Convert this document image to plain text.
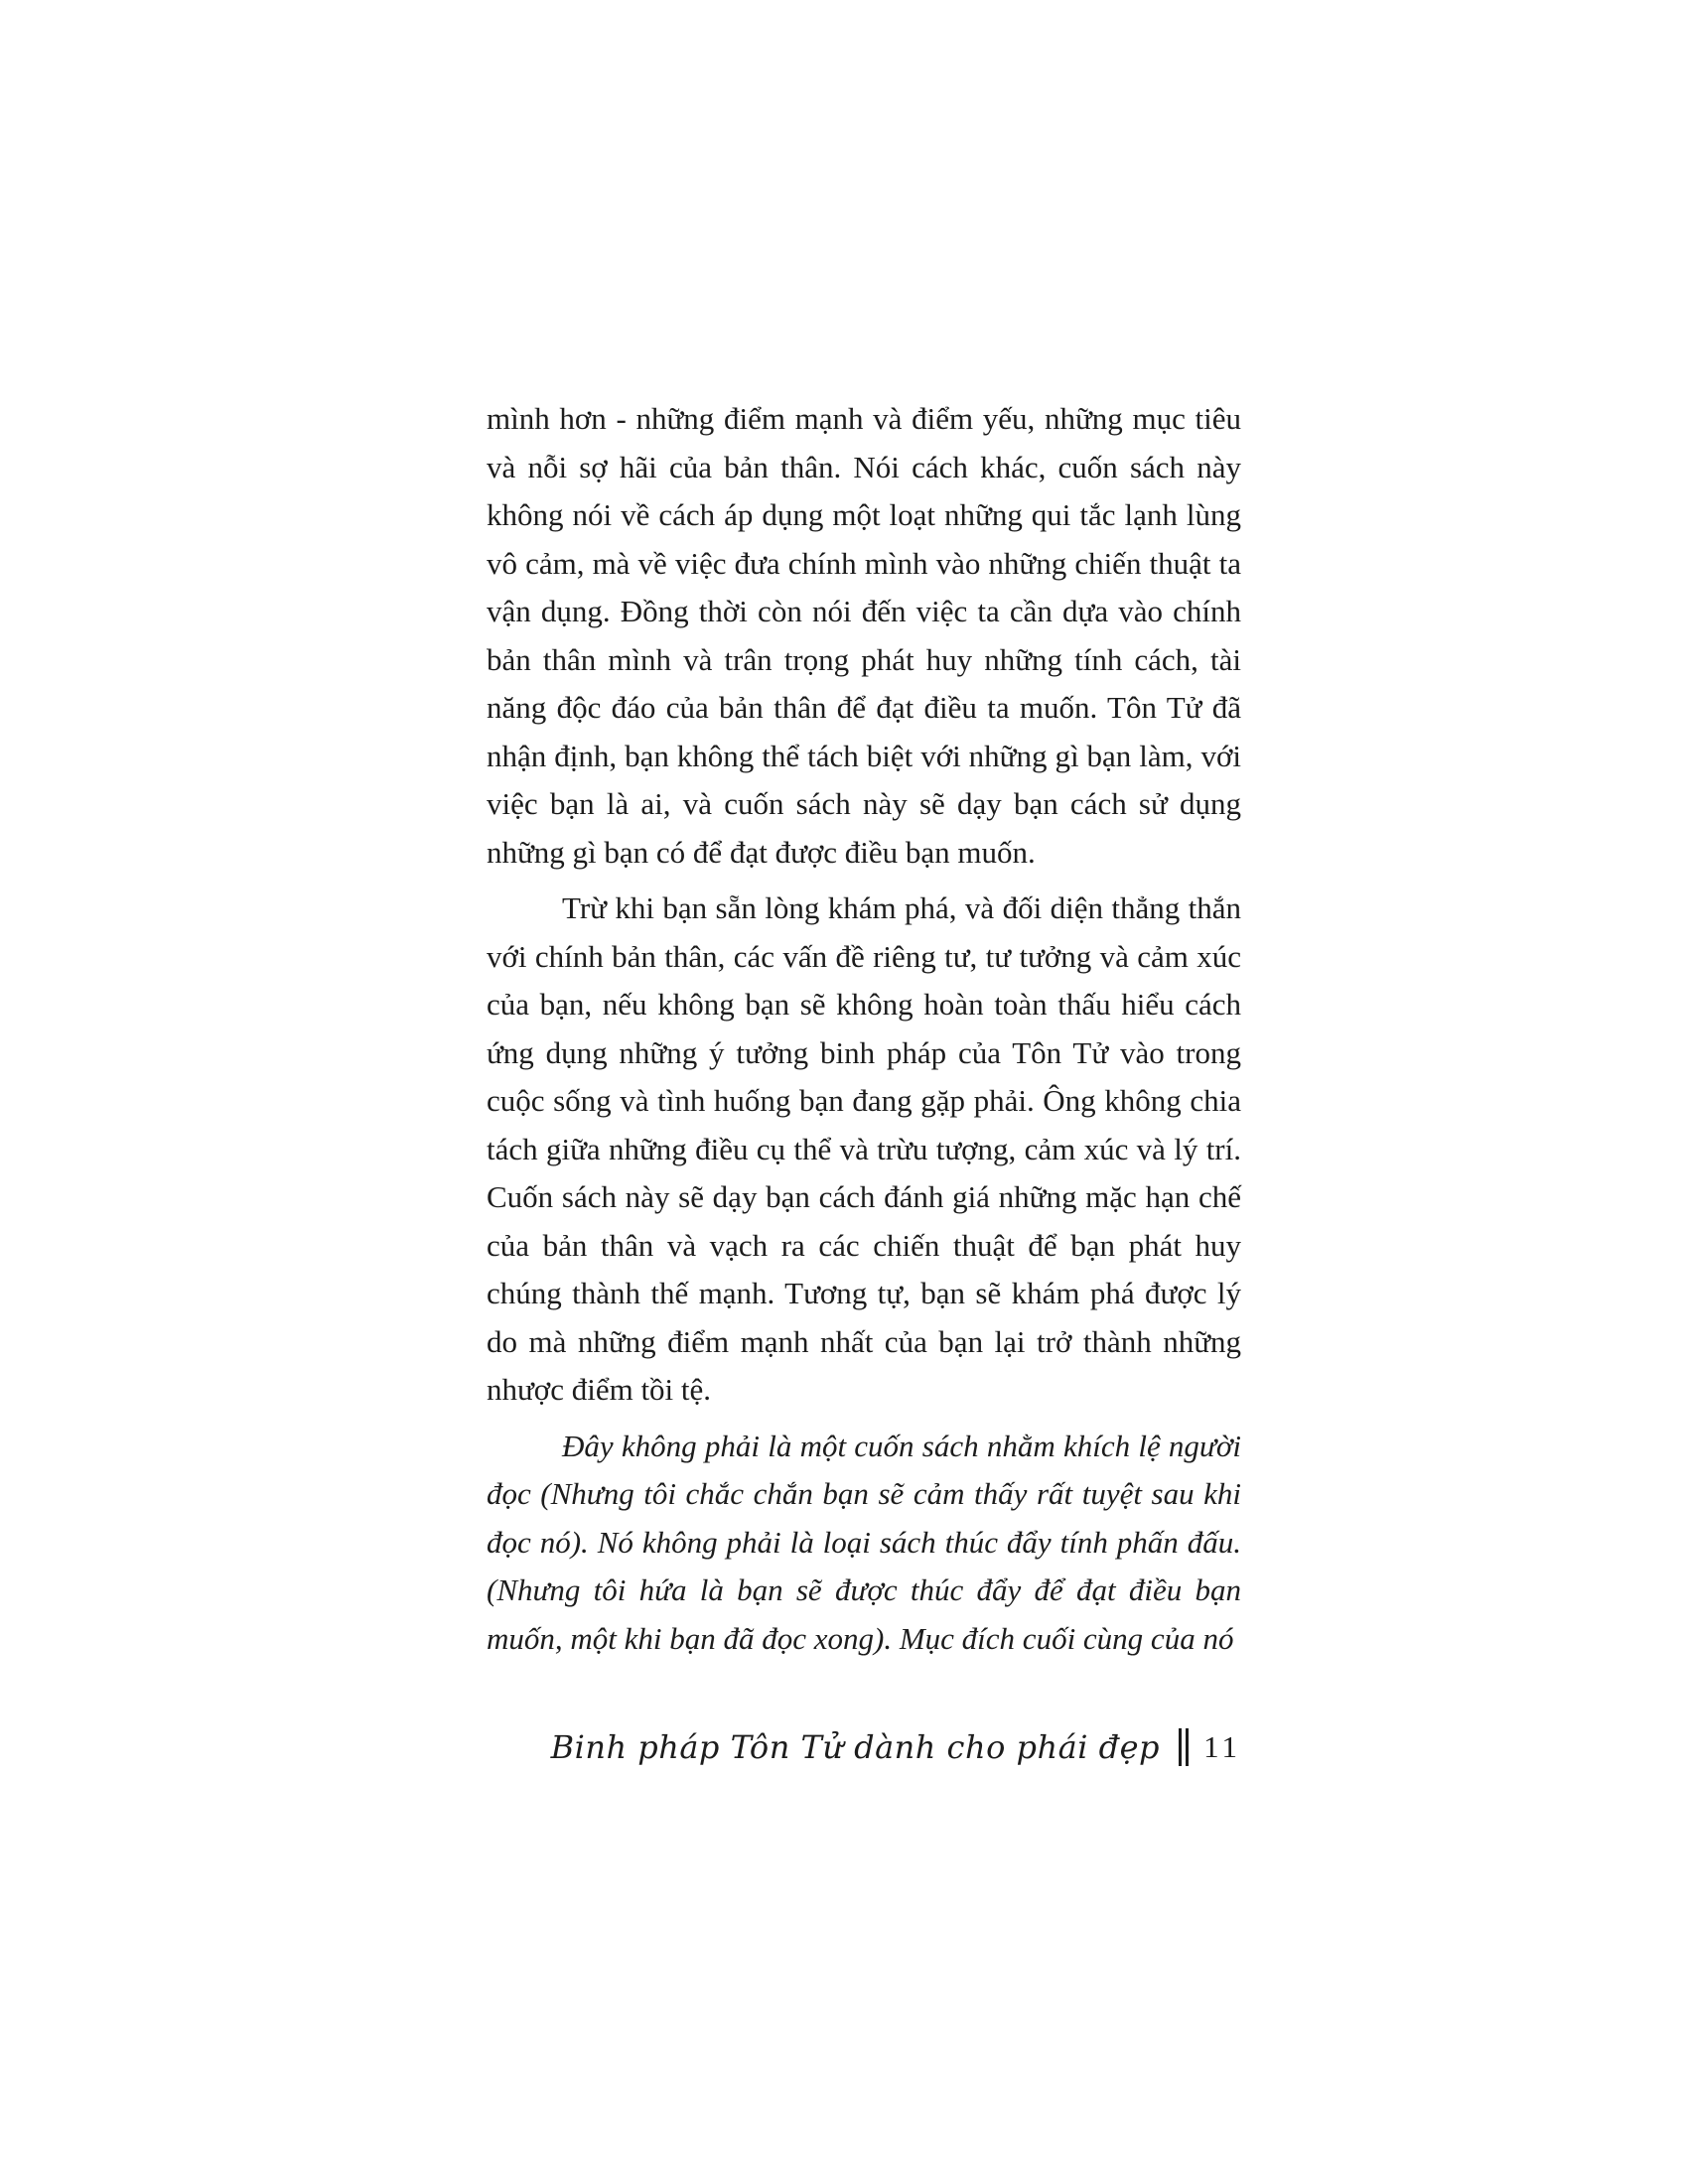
mình hơn - những điểm mạnh và điểm yếu, những mục tiêu và nỗi sợ hãi của bản thân. Nói cách khác, cuốn sách này không nói về cách áp dụng một loạt những qui tắc lạnh lùng vô cảm, mà về việc đưa chính mình vào những chiến thuật ta vận dụng. Đồng thời còn nói đến việc ta cần dựa vào chính bản thân mình và trân trọng phát huy những tính cách, tài năng độc đáo của bản thân để đạt điều ta muốn. Tôn Tử đã nhận định, bạn không thể tách biệt với những gì bạn làm, với việc bạn là ai, và cuốn sách này sẽ dạy bạn cách sử dụng những gì bạn có để đạt được điều bạn muốn.

Trừ khi bạn sẵn lòng khám phá, và đối diện thẳng thắn với chính bản thân, các vấn đề riêng tư, tư tưởng và cảm xúc của bạn, nếu không bạn sẽ không hoàn toàn thấu hiểu cách ứng dụng những ý tưởng binh pháp của Tôn Tử vào trong cuộc sống và tình huống bạn đang gặp phải. Ông không chia tách giữa những điều cụ thể và trừu tượng, cảm xúc và lý trí. Cuốn sách này sẽ dạy bạn cách đánh giá những mặc hạn chế của bản thân và vạch ra các chiến thuật để bạn phát huy chúng thành thế mạnh. Tương tự, bạn sẽ khám phá được lý do mà những điểm mạnh nhất của bạn lại trở thành những nhược điểm tồi tệ.

Đây không phải là một cuốn sách nhằm khích lệ người đọc (Nhưng tôi chắc chắn bạn sẽ cảm thấy rất tuyệt sau khi đọc nó). Nó không phải là loại sách thúc đẩy tính phấn đấu. (Nhưng tôi hứa là bạn sẽ được thúc đẩy để đạt điều bạn muốn, một khi bạn đã đọc xong). Mục đích cuối cùng của nó

Binh pháp Tôn Tử dành cho phái đẹp 11
